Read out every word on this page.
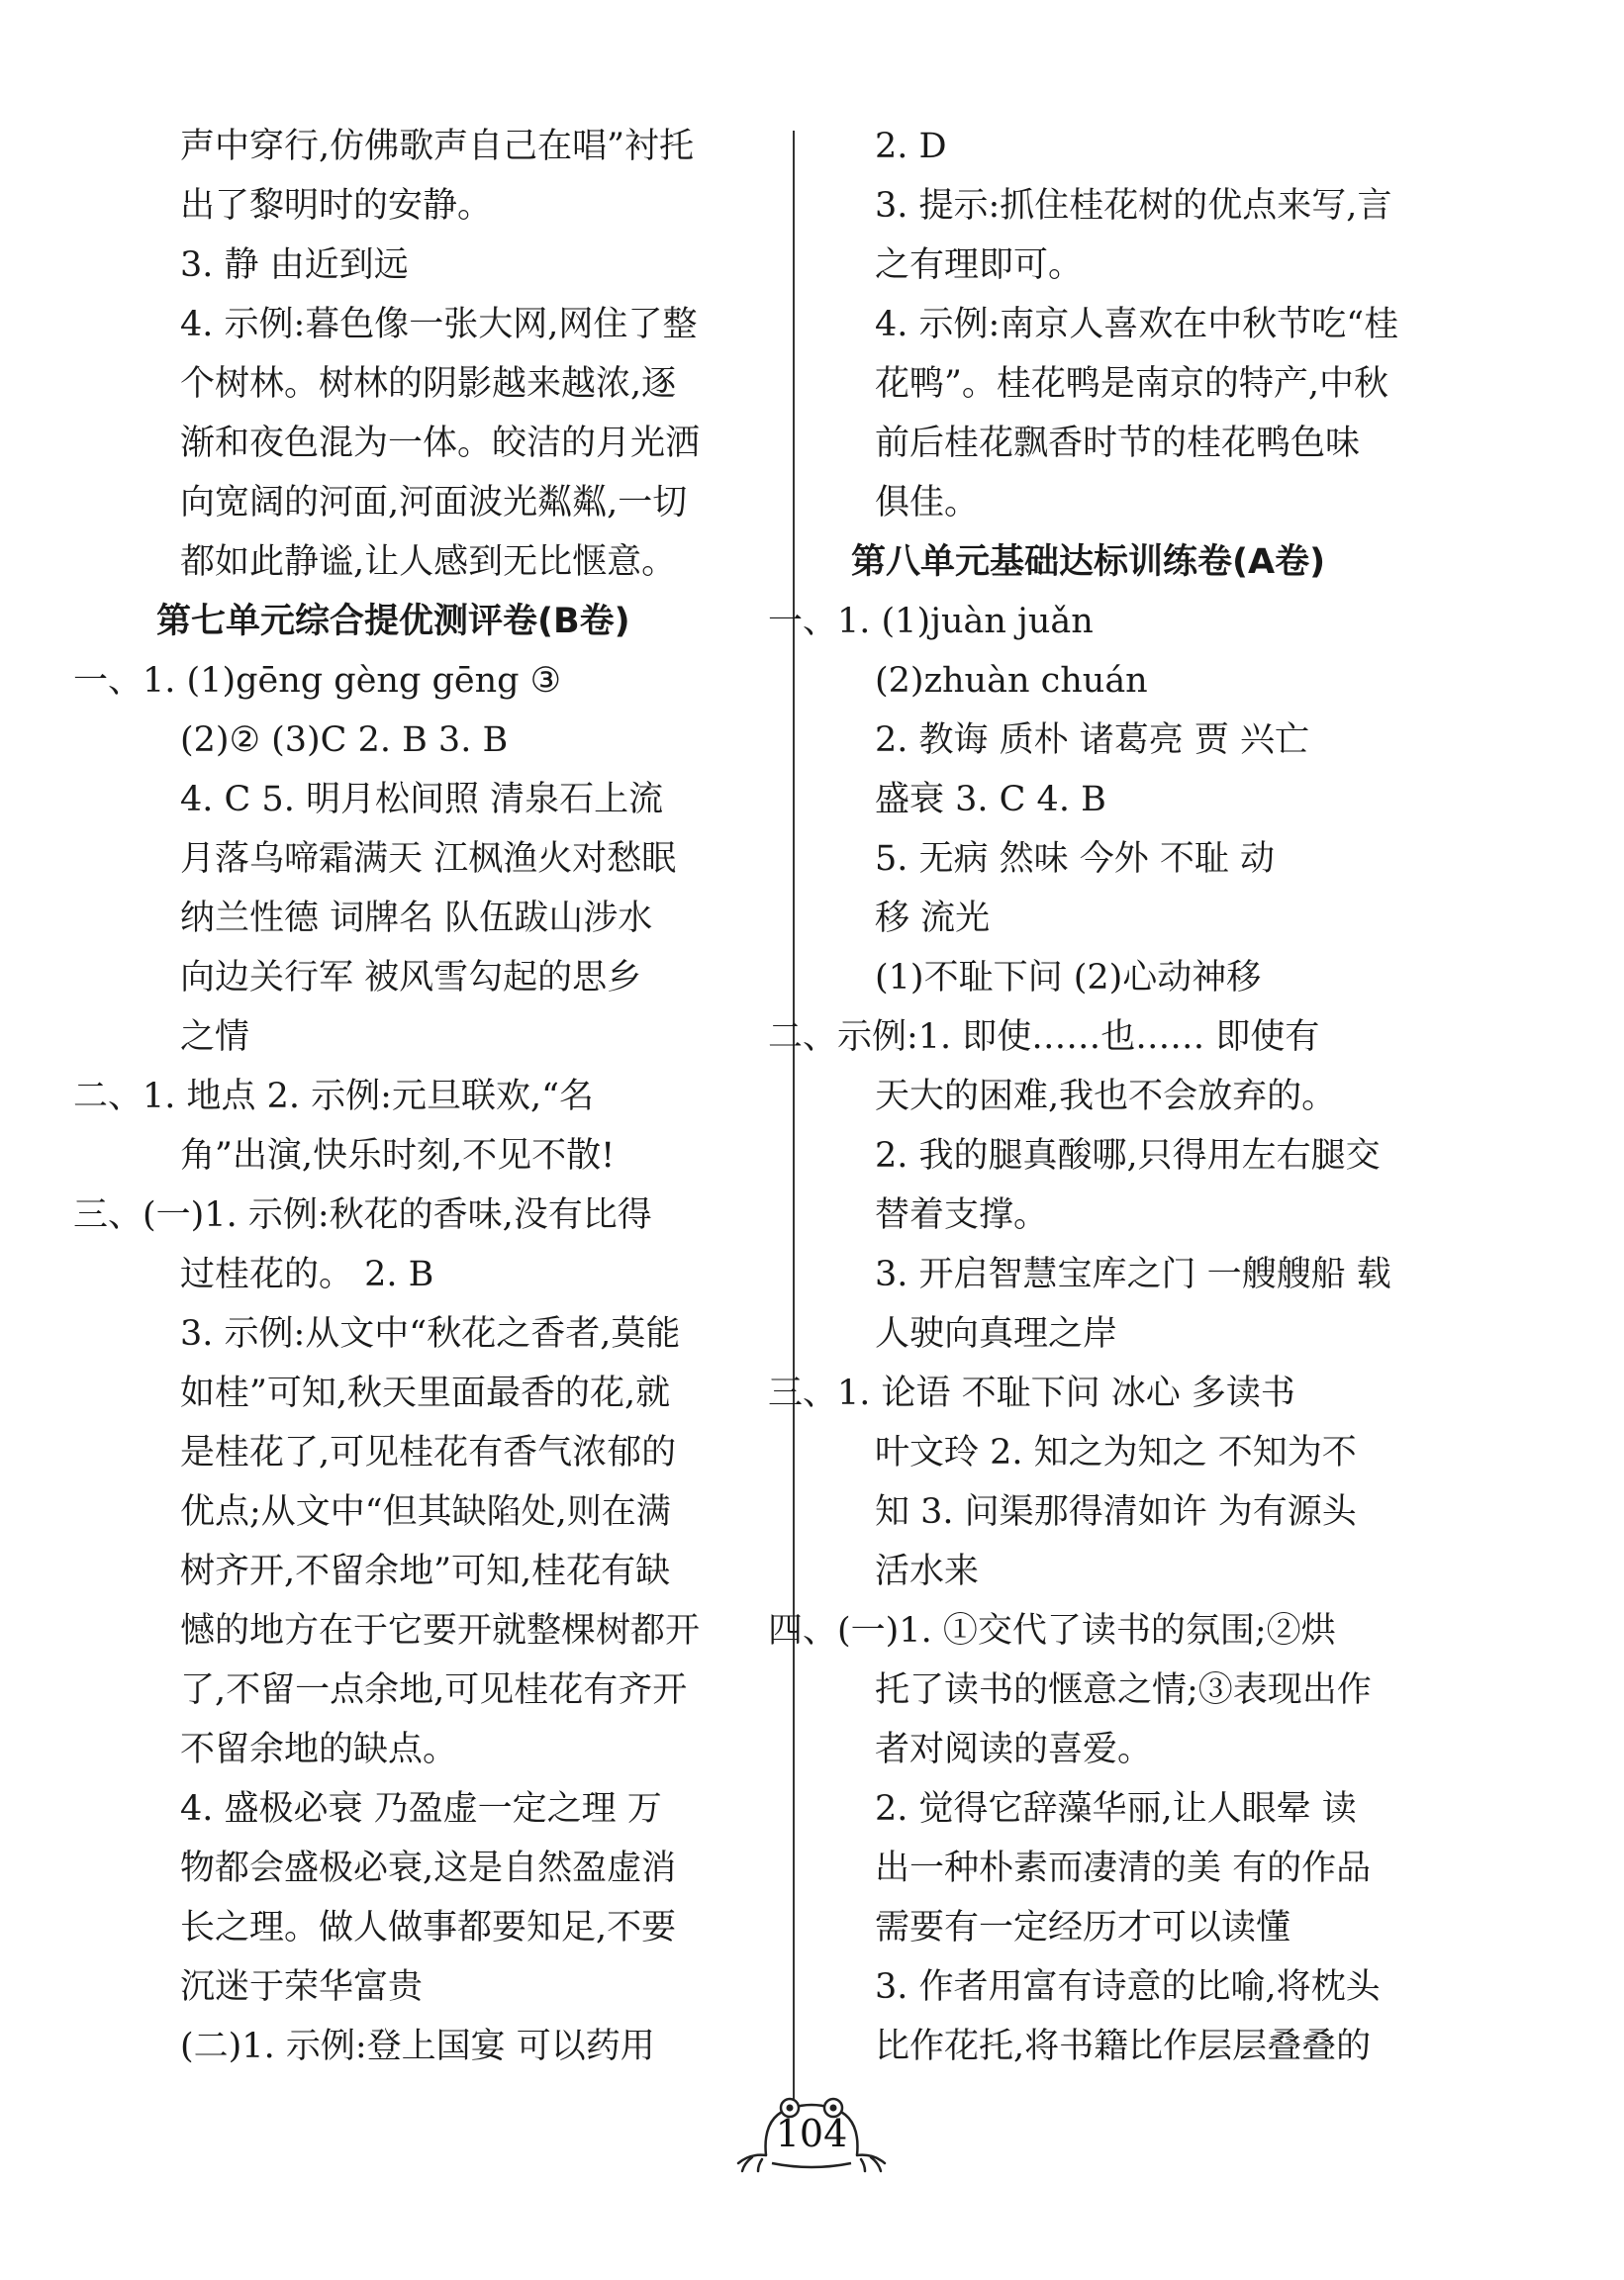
声中穿行,仿佛歌声自己在唱”衬托
出了黎明时的安静。
3. 静 由近到远
4. 示例:暮色像一张大网,网住了整
个树林。树林的阴影越来越浓,逐
渐和夜色混为一体。皎洁的月光洒
向宽阔的河面,河面波光粼粼,一切
都如此静谧,让人感到无比惬意。
第七单元综合提优测评卷(B卷)
一、1. (1)gēng gèng gēng ③
(2)② (3)C 2. B 3. B
4. C 5. 明月松间照 清泉石上流
月落乌啼霜满天 江枫渔火对愁眠
纳兰性德 词牌名 队伍跋山涉水
向边关行军 被风雪勾起的思乡
之情
二、1. 地点 2. 示例:元旦联欢,“名
角”出演,快乐时刻,不见不散!
三、(一)1. 示例:秋花的香味,没有比得
过桂花的。 2. B
3. 示例:从文中“秋花之香者,莫能
如桂”可知,秋天里面最香的花,就
是桂花了,可见桂花有香气浓郁的
优点;从文中“但其缺陷处,则在满
树齐开,不留余地”可知,桂花有缺
憾的地方在于它要开就整棵树都开
了,不留一点余地,可见桂花有齐开
不留余地的缺点。
4. 盛极必衰 乃盈虚一定之理 万
物都会盛极必衰,这是自然盈虚消
长之理。做人做事都要知足,不要
沉迷于荣华富贵
(二)1. 示例:登上国宴 可以药用
2. D
3. 提示:抓住桂花树的优点来写,言
之有理即可。
4. 示例:南京人喜欢在中秋节吃“桂
花鸭”。桂花鸭是南京的特产,中秋
前后桂花飘香时节的桂花鸭色味
俱佳。
第八单元基础达标训练卷(A卷)
一、1. (1)juàn juǎn
(2)zhuàn chuán
2. 教诲 质朴 诸葛亮 贾 兴亡
盛衰 3. C 4. B
5. 无病 然味 今外 不耻 动
移 流光
(1)不耻下问 (2)心动神移
二、示例:1. 即使……也…… 即使有
天大的困难,我也不会放弃的。
2. 我的腿真酸哪,只得用左右腿交
替着支撑。
3. 开启智慧宝库之门 一艘艘船 载
人驶向真理之岸
三、1. 论语 不耻下问 冰心 多读书
叶文玲 2. 知之为知之 不知为不
知 3. 问渠那得清如许 为有源头
活水来
四、(一)1. ①交代了读书的氛围;②烘
托了读书的惬意之情;③表现出作
者对阅读的喜爱。
2. 觉得它辞藻华丽,让人眼晕 读
出一种朴素而凄清的美 有的作品
需要有一定经历才可以读懂
3. 作者用富有诗意的比喻,将枕头
比作花托,将书籍比作层层叠叠的
104
